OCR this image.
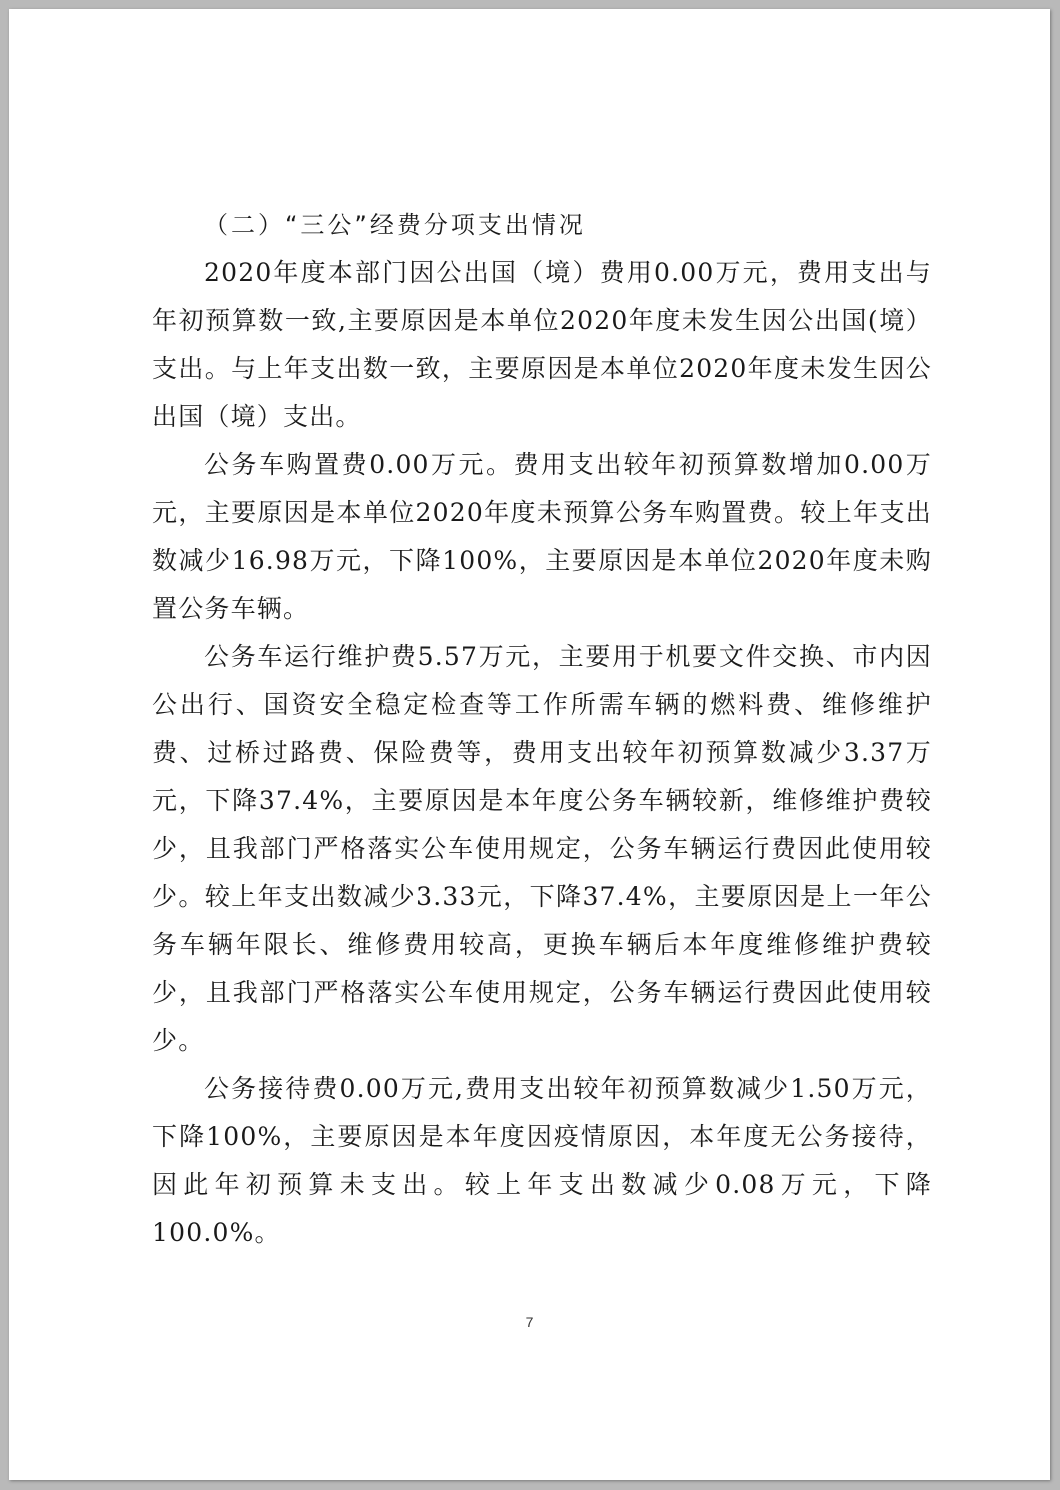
（二）“三公”经费分项支出情况

2020年度本部门因公出国（境）费用0.00万元，费用支出与年初预算数一致,主要原因是本单位2020年度未发生因公出国(境）支出。与上年支出数一致，主要原因是本单位2020年度未发生因公出国（境）支出。

公务车购置费0.00万元。费用支出较年初预算数增加0.00万元，主要原因是本单位2020年度未预算公务车购置费。较上年支出数减少16.98万元，下降100%，主要原因是本单位2020年度未购置公务车辆。

公务车运行维护费5.57万元，主要用于机要文件交换、市内因公出行、国资安全稳定检查等工作所需车辆的燃料费、维修维护费、过桥过路费、保险费等，费用支出较年初预算数减少3.37万元，下降37.4%，主要原因是本年度公务车辆较新，维修维护费较少，且我部门严格落实公车使用规定，公务车辆运行费因此使用较少。较上年支出数减少3.33元，下降37.4%，主要原因是上一年公务车辆年限长、维修费用较高，更换车辆后本年度维修维护费较少，且我部门严格落实公车使用规定，公务车辆运行费因此使用较少。

公务接待费0.00万元,费用支出较年初预算数减少1.50万元，下降100%，主要原因是本年度因疫情原因，本年度无公务接待，因此年初预算未支出。较上年支出数减少0.08万元，下降100.0%。

7
